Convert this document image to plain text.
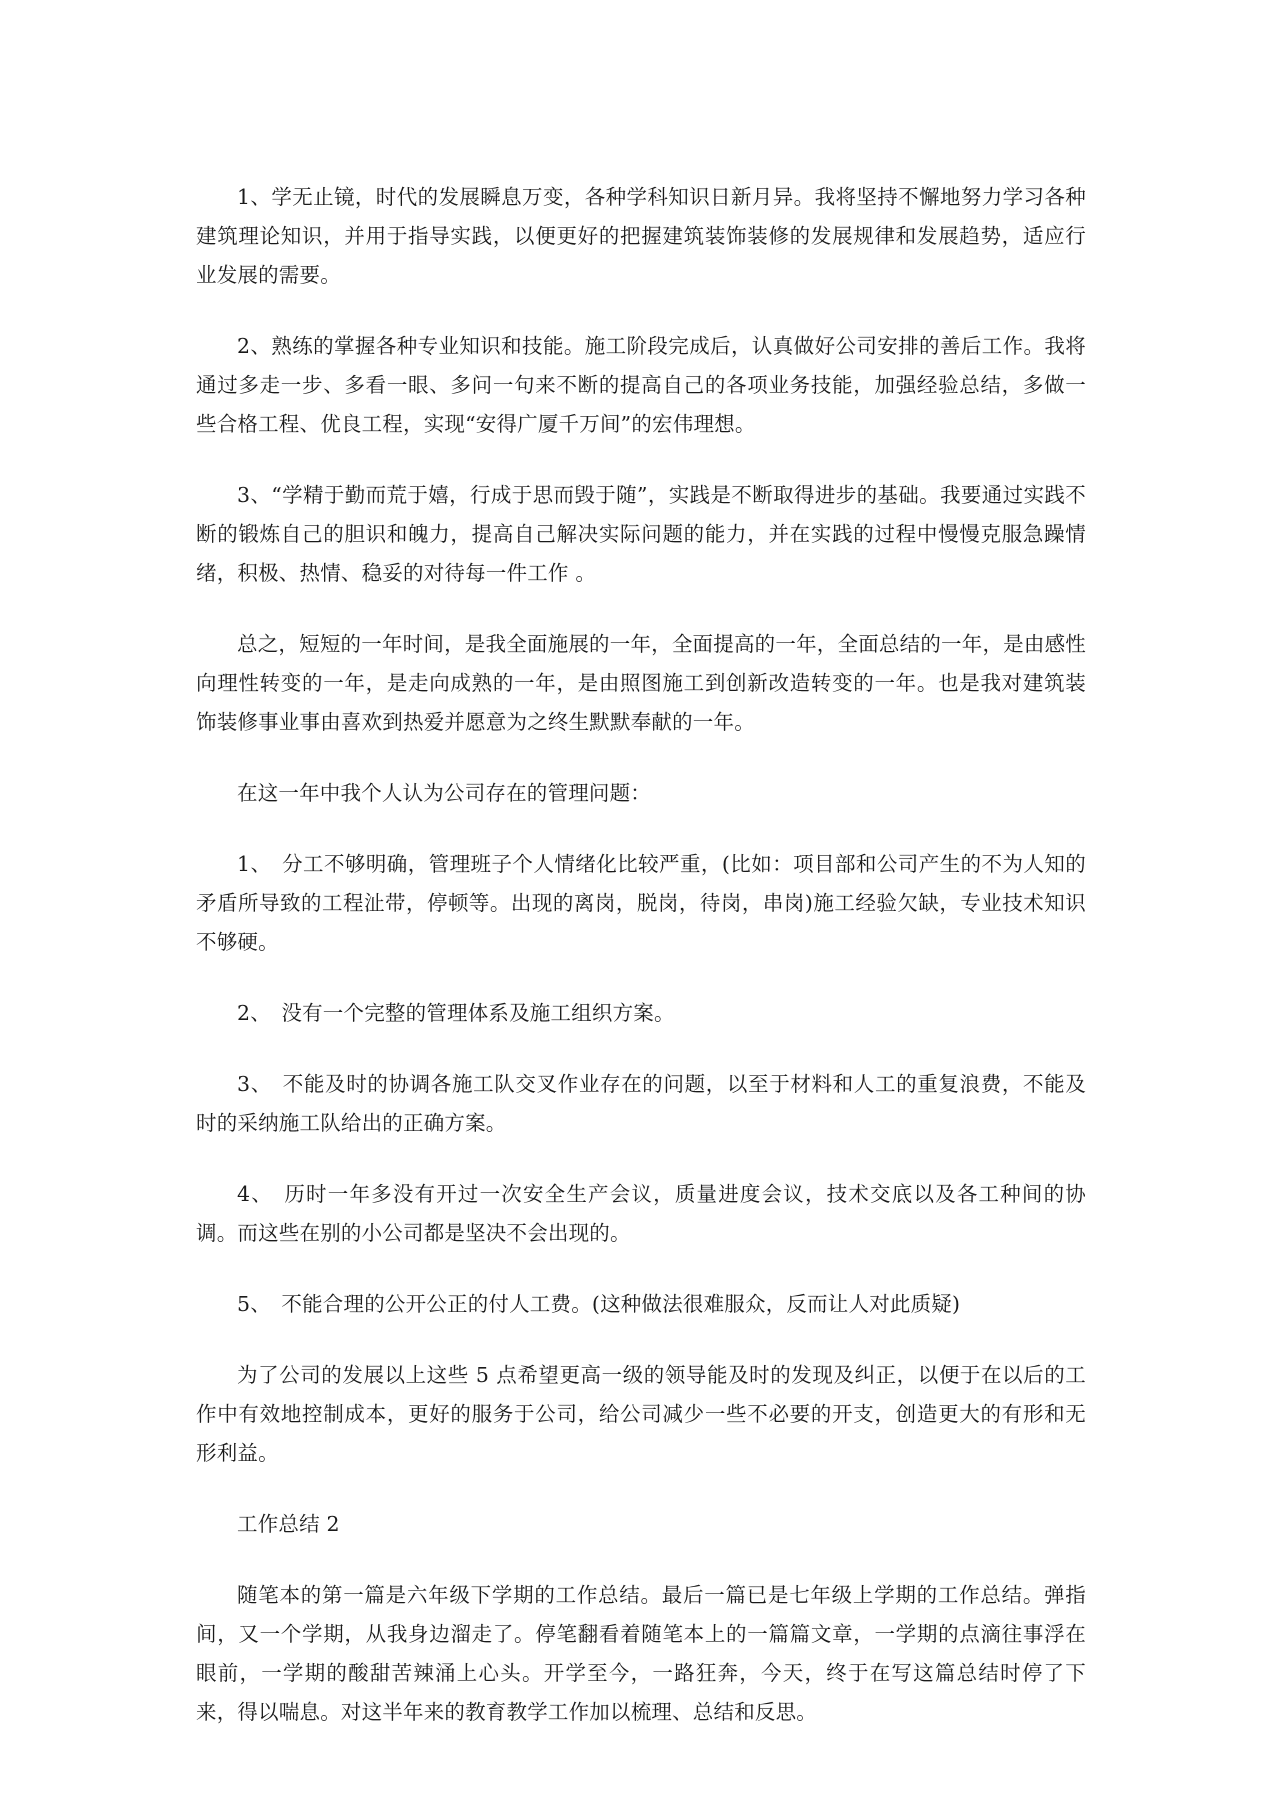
1、学无止镜，时代的发展瞬息万变，各种学科知识日新月异。我将坚持不懈地努力学习各种建筑理论知识，并用于指导实践，以便更好的把握建筑装饰装修的发展规律和发展趋势，适应行业发展的需要。

2、熟练的掌握各种专业知识和技能。施工阶段完成后，认真做好公司安排的善后工作。我将通过多走一步、多看一眼、多问一句来不断的提高自己的各项业务技能，加强经验总结，多做一些合格工程、优良工程，实现“安得广厦千万间”的宏伟理想。

3、“学精于勤而荒于嬉，行成于思而毁于随”，实践是不断取得进步的基础。我要通过实践不断的锻炼自己的胆识和魄力，提高自己解决实际问题的能力，并在实践的过程中慢慢克服急躁情绪，积极、热情、稳妥的对待每一件工作 。

总之，短短的一年时间，是我全面施展的一年，全面提高的一年，全面总结的一年，是由感性向理性转变的一年，是走向成熟的一年，是由照图施工到创新改造转变的一年。也是我对建筑装饰装修事业事由喜欢到热爱并愿意为之终生默默奉献的一年。

在这一年中我个人认为公司存在的管理问题：

1、　分工不够明确，管理班子个人情绪化比较严重，(比如：项目部和公司产生的不为人知的矛盾所导致的工程沚带，停顿等。出现的离岗，脱岗，待岗，串岗)施工经验欠缺，专业技术知识不够硬。

2、　没有一个完整的管理体系及施工组织方案。

3、　不能及时的协调各施工队交叉作业存在的问题，以至于材料和人工的重复浪费，不能及时的采纳施工队给出的正确方案。

4、　历时一年多没有开过一次安全生产会议，质量进度会议，技术交底以及各工种间的协调。而这些在别的小公司都是坚决不会出现的。

5、　不能合理的公开公正的付人工费。(这种做法很难服众，反而让人对此质疑)

为了公司的发展以上这些 5 点希望更高一级的领导能及时的发现及纠正，以便于在以后的工作中有效地控制成本，更好的服务于公司，给公司减少一些不必要的开支，创造更大的有形和无形利益。

工作总结 2

随笔本的第一篇是六年级下学期的工作总结。最后一篇已是七年级上学期的工作总结。弹指间，又一个学期，从我身边溜走了。停笔翻看着随笔本上的一篇篇文章，一学期的点滴往事浮在眼前，一学期的酸甜苦辣涌上心头。开学至今，一路狂奔，今天，终于在写这篇总结时停了下来，得以喘息。对这半年来的教育教学工作加以梳理、总结和反思。
